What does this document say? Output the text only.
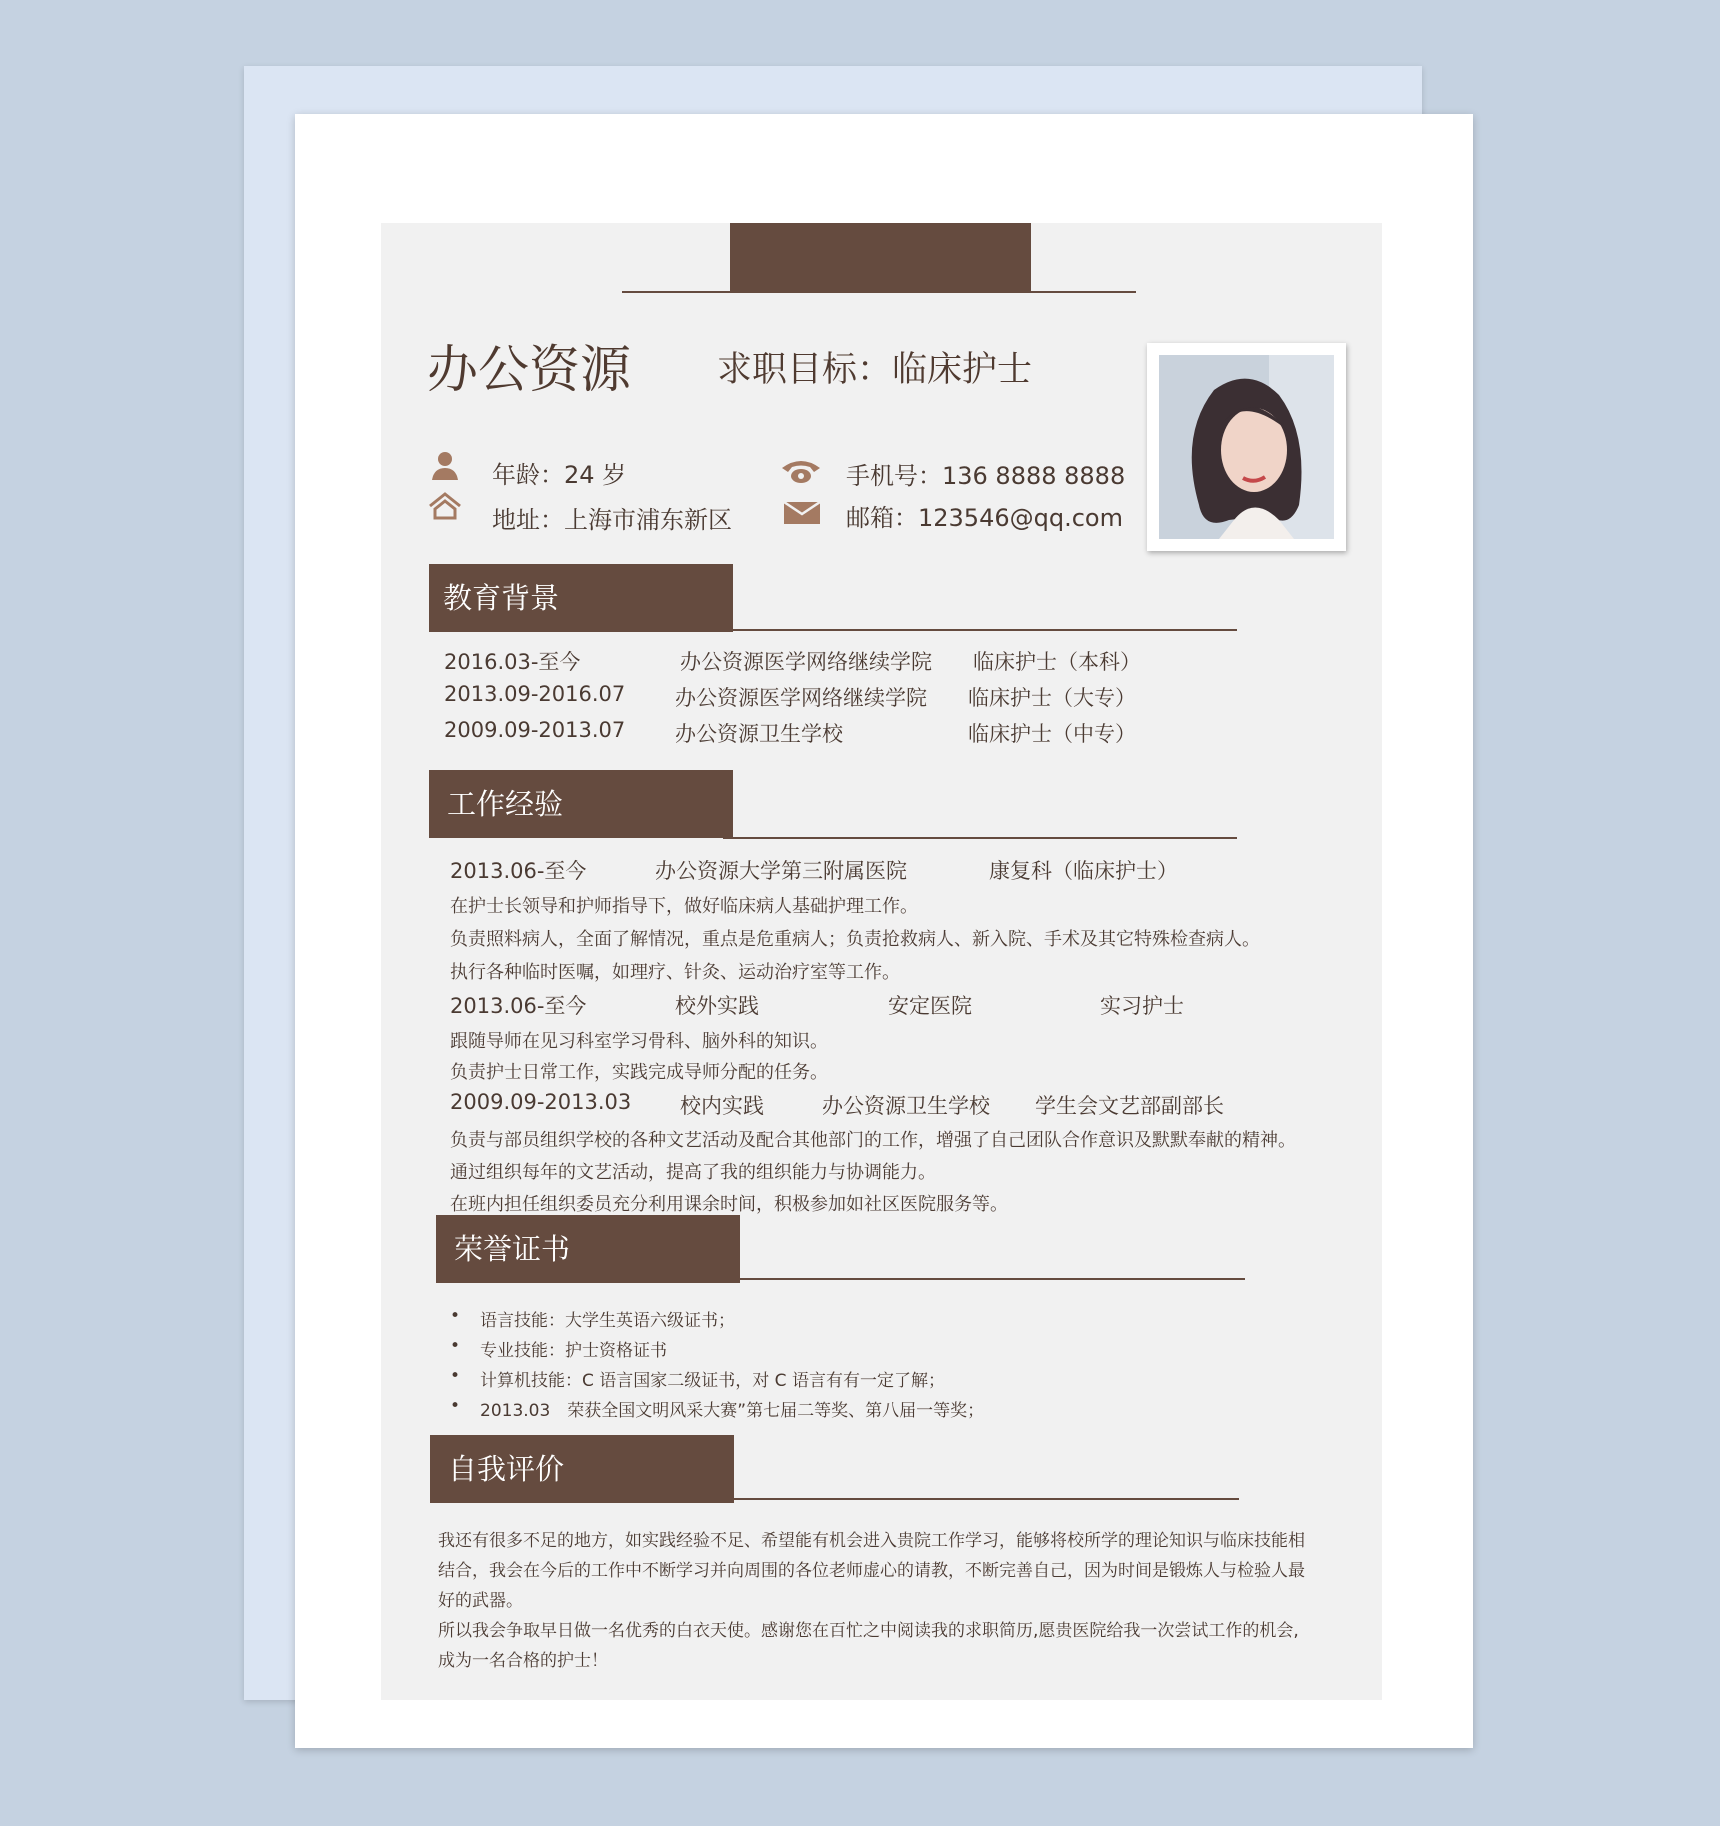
办公资源 求职目标：临床护士
年龄：24 岁
地址：上海市浦东新区
手机号：136 8888 8888
邮箱：123546@qq.com
教育背景
2016.03-至今	办公资源医学网络继续学院 临床护士（本科）
2013.09-2016.07 办公资源医学网络继续学院 临床护士（大专）
2009.09-2013.07 办公资源卫生学校	临床护士（中专）
工作经验
2013.06-至今	办公资源大学第三附属医院	康复科（临床护士）
在护士长领导和护师指导下，做好临床病人基础护理工作。
负责照料病人，全面了解情况，重点是危重病人；负责抢救病人、新入院、手术及其它特殊检查病人。
执行各种临时医嘱，如理疗、针灸、运动治疗室等工作。
2013.06-至今	校外实践	安定医院	实习护士
跟随导师在见习科室学习骨科、脑外科的知识。
负责护士日常工作，实践完成导师分配的任务。
2009.09-2013.03 校内实践	办公资源卫生学校 学生会文艺部副部长
负责与部员组织学校的各种文艺活动及配合其他部门的工作，增强了自己团队合作意识及默默奉献的精神。
通过组织每年的文艺活动，提高了我的组织能力与协调能力。
在班内担任组织委员充分利用课余时间，积极参加如社区医院服务等。
荣誉证书
• 语言技能：大学生英语六级证书；
• 专业技能：护士资格证书
• 计算机技能：C 语言国家二级证书，对 C 语言有有一定了解；
• 2013.03　荣获全国文明风采大赛”第七届二等奖、第八届一等奖；
自我评价
我还有很多不足的地方，如实践经验不足、希望能有机会进入贵院工作学习，能够将校所学的理论知识与临床技能相
结合，我会在今后的工作中不断学习并向周围的各位老师虚心的请教，不断完善自己，因为时间是锻炼人与检验人最
好的武器。
所以我会争取早日做一名优秀的白衣天使。感谢您在百忙之中阅读我的求职简历,愿贵医院给我一次尝试工作的机会,
成为一名合格的护士！
